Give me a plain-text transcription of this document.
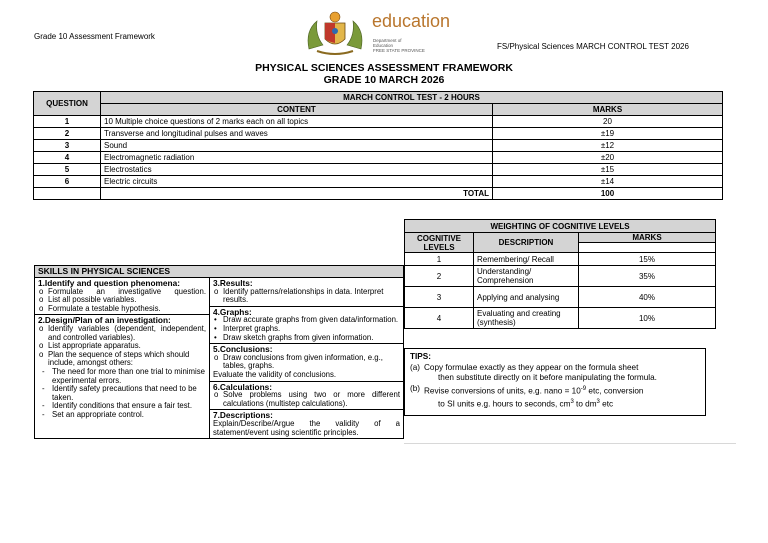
Grade 10 Assessment Framework
education
Department of
Education
FREE STATE PROVINCE	FS/Physical Sciences MARCH CONTROL TEST 2026
PHYSICAL SCIENCES ASSESSMENT FRAMEWORK
GRADE 10 MARCH 2026
QUESTION	MARCH CONTROL TEST - 2 HOURS	
	CONTENT	MARKS
1	10 Multiple choice questions of 2 marks each on all topics	20
2	Transverse and longitudinal pulses and waves	±19
3	Sound	±12
4	Electromagnetic radiation	±20
5	Electrostatics	±15
6	Electric circuits	±14
	TOTAL	100
WEIGHTING OF COGNITIVE LEVELS		
COGNITIVE LEVELS	DESCRIPTION	MARKS

1	Remembering/ Recall	15%
2	Understanding/ Comprehension	35%
3	Applying and analysing	40%
4	Evaluating and creating (synthesis)	10%
SKILLS IN PHYSICAL SCIENCES
1.Identify and question phenomena:
o Formulate an investigative question.
o List all possible variables.
o Formulate a testable hypothesis.
2.Design/Plan of an investigation:
o Identify variables (dependent, independent, and controlled variables).
o List appropriate apparatus.
o Plan the sequence of steps which should include, amongst others:
- The need for more than one trial to minimise experimental errors.
- Identify safety precautions that need to be taken.
- Identify conditions that ensure a fair test.
- Set an appropriate control.
3.Results:
o Identify patterns/relationships in data. Interpret results.
4.Graphs:
• Draw accurate graphs from given data/information.
• Interpret graphs.
• Draw sketch graphs from given information.
5.Conclusions:
o Draw conclusions from given information, e.g., tables, graphs.
Evaluate the validity of conclusions.
6.Calculations:
o Solve problems using two or more different calculations (multistep calculations).
7.Descriptions:
Explain/Describe/Argue the validity of a statement/event using scientific principles.
TIPS:
(a) Copy formulae exactly as they appear on the formula sheet
then substitute directly on it before manipulating the formula.
(b) Revise conversions of units, e.g. nano = $10^{-9}$ etc, conversion
to SI units e.g. hours to seconds, $cm^3$ to $dm^3$ etc
